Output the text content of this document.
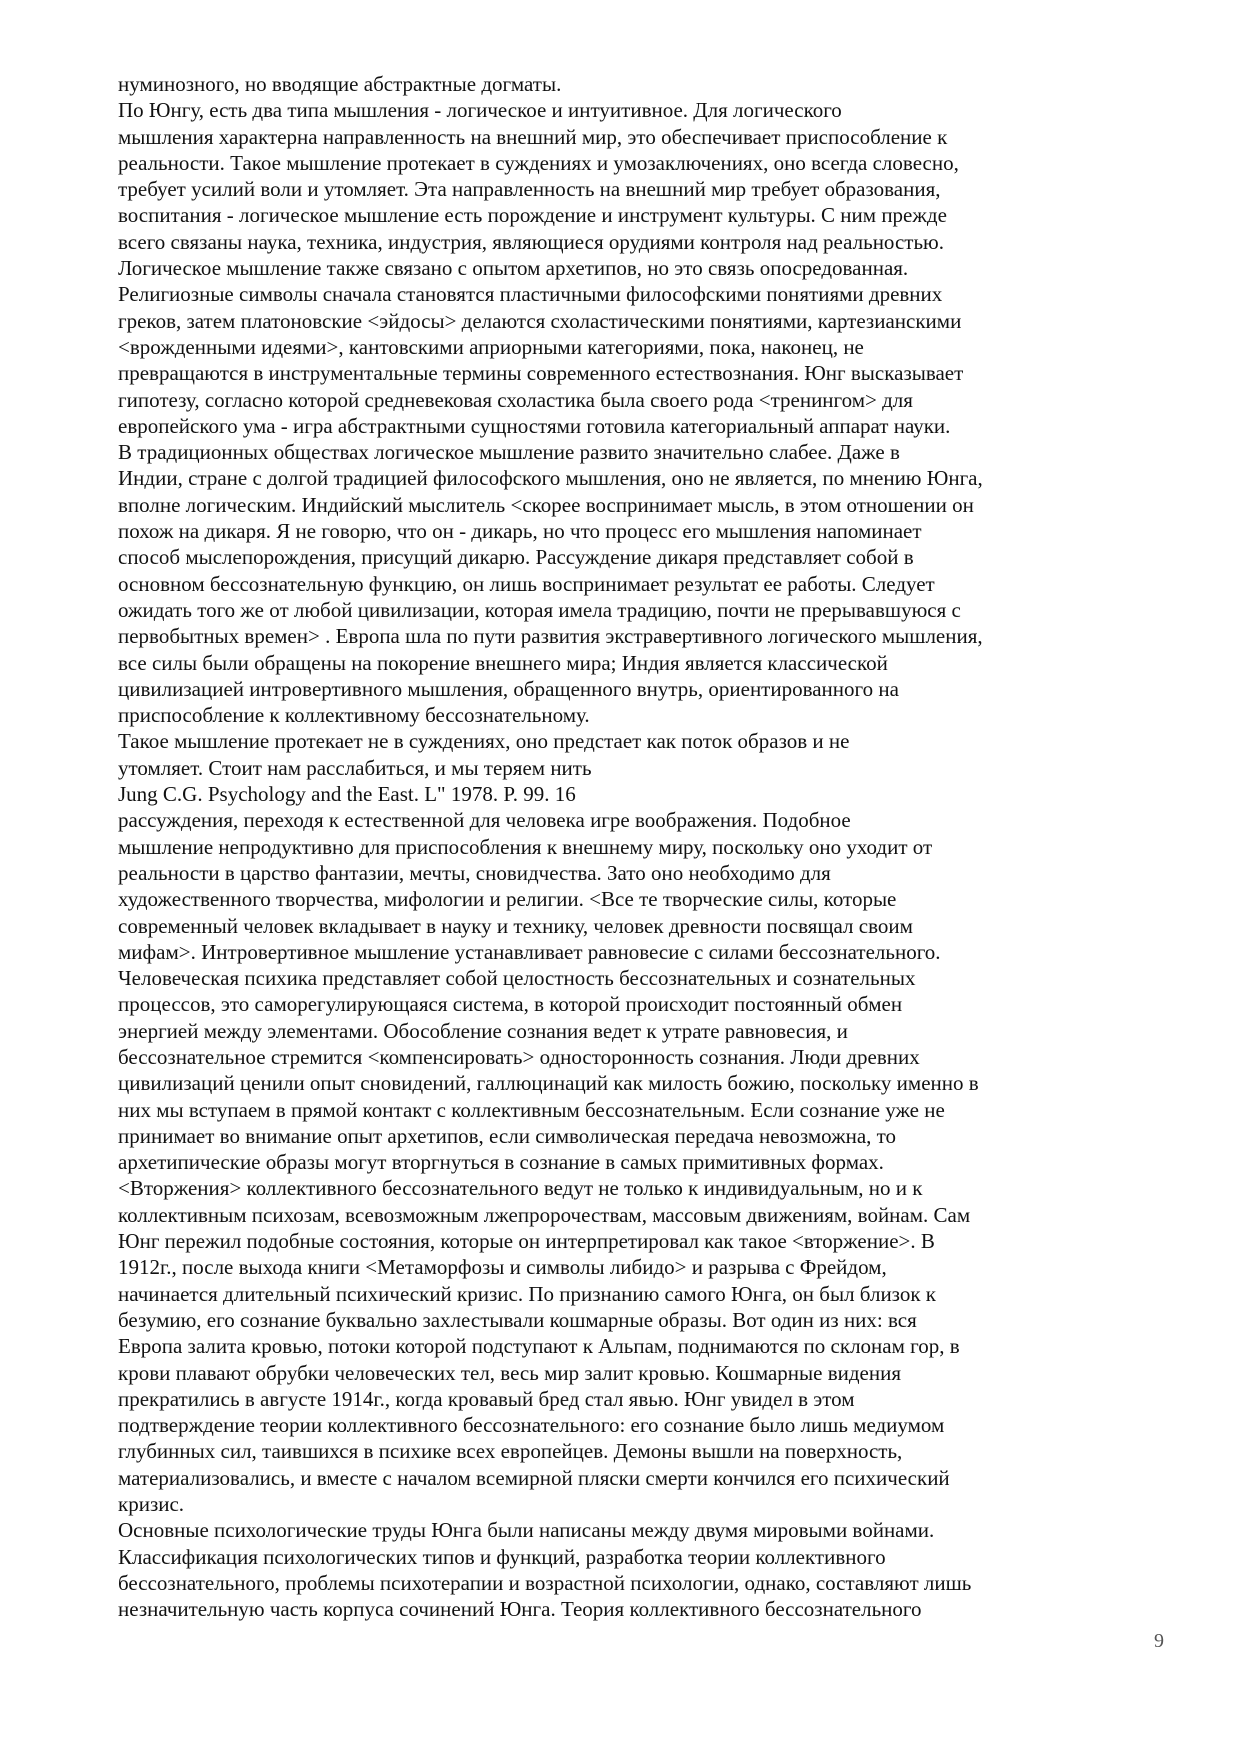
нуминозного, но вводящие абстрактные догматы.
По Юнгу, есть два типа мышления - логическое и интуитивное. Для логического
мышления характерна направленность на внешний мир, это обеспечивает приспособление к
реальности. Такое мышление протекает в суждениях и умозаключениях, оно всегда словесно,
требует усилий воли и утомляет. Эта направленность на внешний мир требует образования,
воспитания - логическое мышление есть порождение и инструмент культуры. С ним прежде
всего связаны наука, техника, индустрия, являющиеся орудиями контроля над реальностью.
Логическое мышление также связано с опытом архетипов, но это связь опосредованная.
Религиозные символы сначала становятся пластичными философскими понятиями древних
греков, затем платоновские <эйдосы> делаются схоластическими понятиями, картезианскими
<врожденными идеями>, кантовскими априорными категориями, пока, наконец, не
превращаются в инструментальные термины современного естествознания. Юнг высказывает
гипотезу, согласно которой средневековая схоластика была своего рода <тренингом> для
европейского ума - игра абстрактными сущностями готовила категориальный аппарат науки.
В традиционных обществах логическое мышление развито значительно слабее. Даже в
Индии, стране с долгой традицией философского мышления, оно не является, по мнению Юнга,
вполне логическим. Индийский мыслитель <скорее воспринимает мысль, в этом отношении он
похож на дикаря. Я не говорю, что он - дикарь, но что процесс его мышления напоминает
способ мыслепорождения, присущий дикарю. Рассуждение дикаря представляет собой в
основном бессознательную функцию, он лишь воспринимает результат ее работы. Следует
ожидать того же от любой цивилизации, которая имела традицию, почти не прерывавшуюся с
первобытных времен> . Европа шла по пути развития экстравертивного логического мышления,
все силы были обращены на покорение внешнего мира; Индия является классической
цивилизацией интровертивного мышления, обращенного внутрь, ориентированного на
приспособление к коллективному бессознательному.
Такое мышление протекает не в суждениях, оно предстает как поток образов и не
утомляет. Стоит нам расслабиться, и мы теряем нить
Jung C.G. Psychology and the East. L" 1978. P. 99. 16
рассуждения, переходя к естественной для человека игре воображения. Подобное
мышление непродуктивно для приспособления к внешнему миру, поскольку оно уходит от
реальности в царство фантазии, мечты, сновидчества. Зато оно необходимо для
художественного творчества, мифологии и религии. <Все те творческие силы, которые
современный человек вкладывает в науку и технику, человек древности посвящал своим
мифам>. Интровертивное мышление устанавливает равновесие с силами бессознательного.
Человеческая психика представляет собой целостность бессознательных и сознательных
процессов, это саморегулирующаяся система, в которой происходит постоянный обмен
энергией между элементами. Обособление сознания ведет к утрате равновесия, и
бессознательное стремится <компенсировать> односторонность сознания. Люди древних
цивилизаций ценили опыт сновидений, галлюцинаций как милость божию, поскольку именно в
них мы вступаем в прямой контакт с коллективным бессознательным. Если сознание уже не
принимает во внимание опыт архетипов, если символическая передача невозможна, то
архетипические образы могут вторгнуться в сознание в самых примитивных формах.
<Вторжения> коллективного бессознательного ведут не только к индивидуальным, но и к
коллективным психозам, всевозможным лжепророчествам, массовым движениям, войнам. Сам
Юнг пережил подобные состояния, которые он интерпретировал как такое <вторжение>. В
1912г., после выхода книги <Метаморфозы и символы либидо> и разрыва с Фрейдом,
начинается длительный психический кризис. По признанию самого Юнга, он был близок к
безумию, его сознание буквально захлестывали кошмарные образы. Вот один из них: вся
Европа залита кровью, потоки которой подступают к Альпам, поднимаются по склонам гор, в
крови плавают обрубки человеческих тел, весь мир залит кровью. Кошмарные видения
прекратились в августе 1914г., когда кровавый бред стал явью. Юнг увидел в этом
подтверждение теории коллективного бессознательного: его сознание было лишь медиумом
глубинных сил, таившихся в психике всех европейцев. Демоны вышли на поверхность,
материализовались, и вместе с началом всемирной пляски смерти кончился его психический
кризис.
Основные психологические труды Юнга были написаны между двумя мировыми войнами.
Классификация психологических типов и функций, разработка теории коллективного
бессознательного, проблемы психотерапии и возрастной психологии, однако, составляют лишь
незначительную часть корпуса сочинений Юнга. Теория коллективного бессознательного
9
